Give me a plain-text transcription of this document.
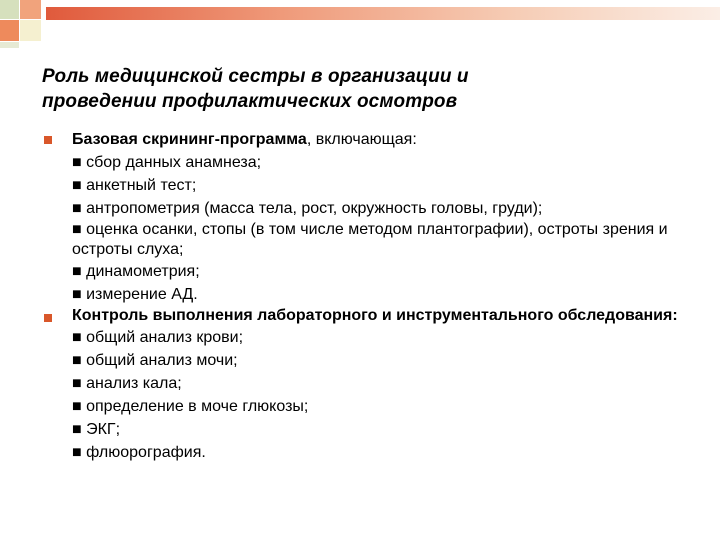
Роль медицинской сестры в организации и
проведении профилактических осмотров
Базовая скрининг-программа, включающая:
■ сбор данных анамнеза;
■ анкетный тест;
■ антропометрия (масса тела, рост, окружность головы, груди);
■ оценка осанки, стопы (в том числе методом плантографии), остроты зрения и остроты слуха;
■ динамометрия;
■ измерение АД.
Контроль выполнения лабораторного и инструментального обследования:
■ общий анализ крови;
■ общий анализ мочи;
■ анализ кала;
■ определение в моче глюкозы;
■ ЭКГ;
■ флюорография.
